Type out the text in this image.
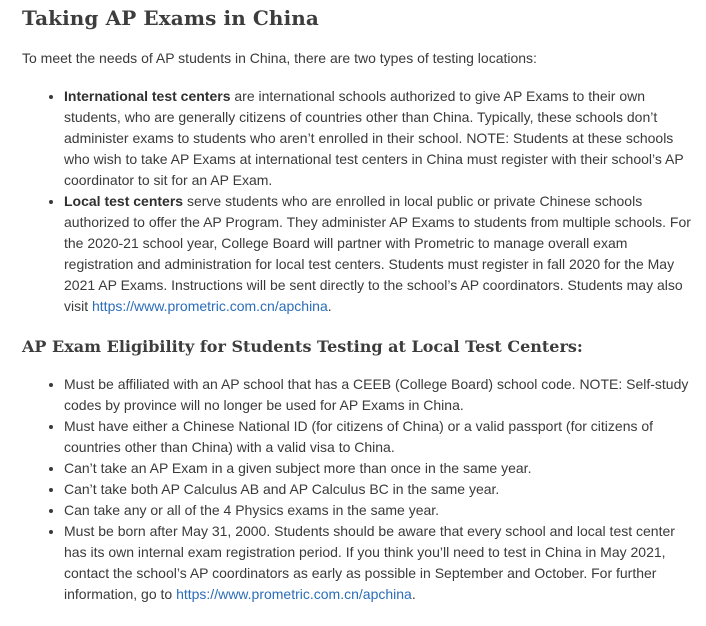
Taking AP Exams in China

To meet the needs of AP students in China, there are two types of testing locations:

• International test centers are international schools authorized to give AP Exams to their own students, who are generally citizens of countries other than China. Typically, these schools don’t administer exams to students who aren’t enrolled in their school. NOTE: Students at these schools who wish to take AP Exams at international test centers in China must register with their school’s AP coordinator to sit for an AP Exam.
• Local test centers serve students who are enrolled in local public or private Chinese schools authorized to offer the AP Program. They administer AP Exams to students from multiple schools. For the 2020-21 school year, College Board will partner with Prometric to manage overall exam registration and administration for local test centers. Students must register in fall 2020 for the May 2021 AP Exams. Instructions will be sent directly to the school’s AP coordinators. Students may also visit https://www.prometric.com.cn/apchina.
AP Exam Eligibility for Students Testing at Local Test Centers:
• Must be affiliated with an AP school that has a CEEB (College Board) school code. NOTE: Self-study codes by province will no longer be used for AP Exams in China.
• Must have either a Chinese National ID (for citizens of China) or a valid passport (for citizens of countries other than China) with a valid visa to China.
• Can’t take an AP Exam in a given subject more than once in the same year.
• Can’t take both AP Calculus AB and AP Calculus BC in the same year.
• Can take any or all of the 4 Physics exams in the same year.
• Must be born after May 31, 2000. Students should be aware that every school and local test center has its own internal exam registration period. If you think you’ll need to test in China in May 2021, contact the school’s AP coordinators as early as possible in September and October. For further information, go to https://www.prometric.com.cn/apchina.
